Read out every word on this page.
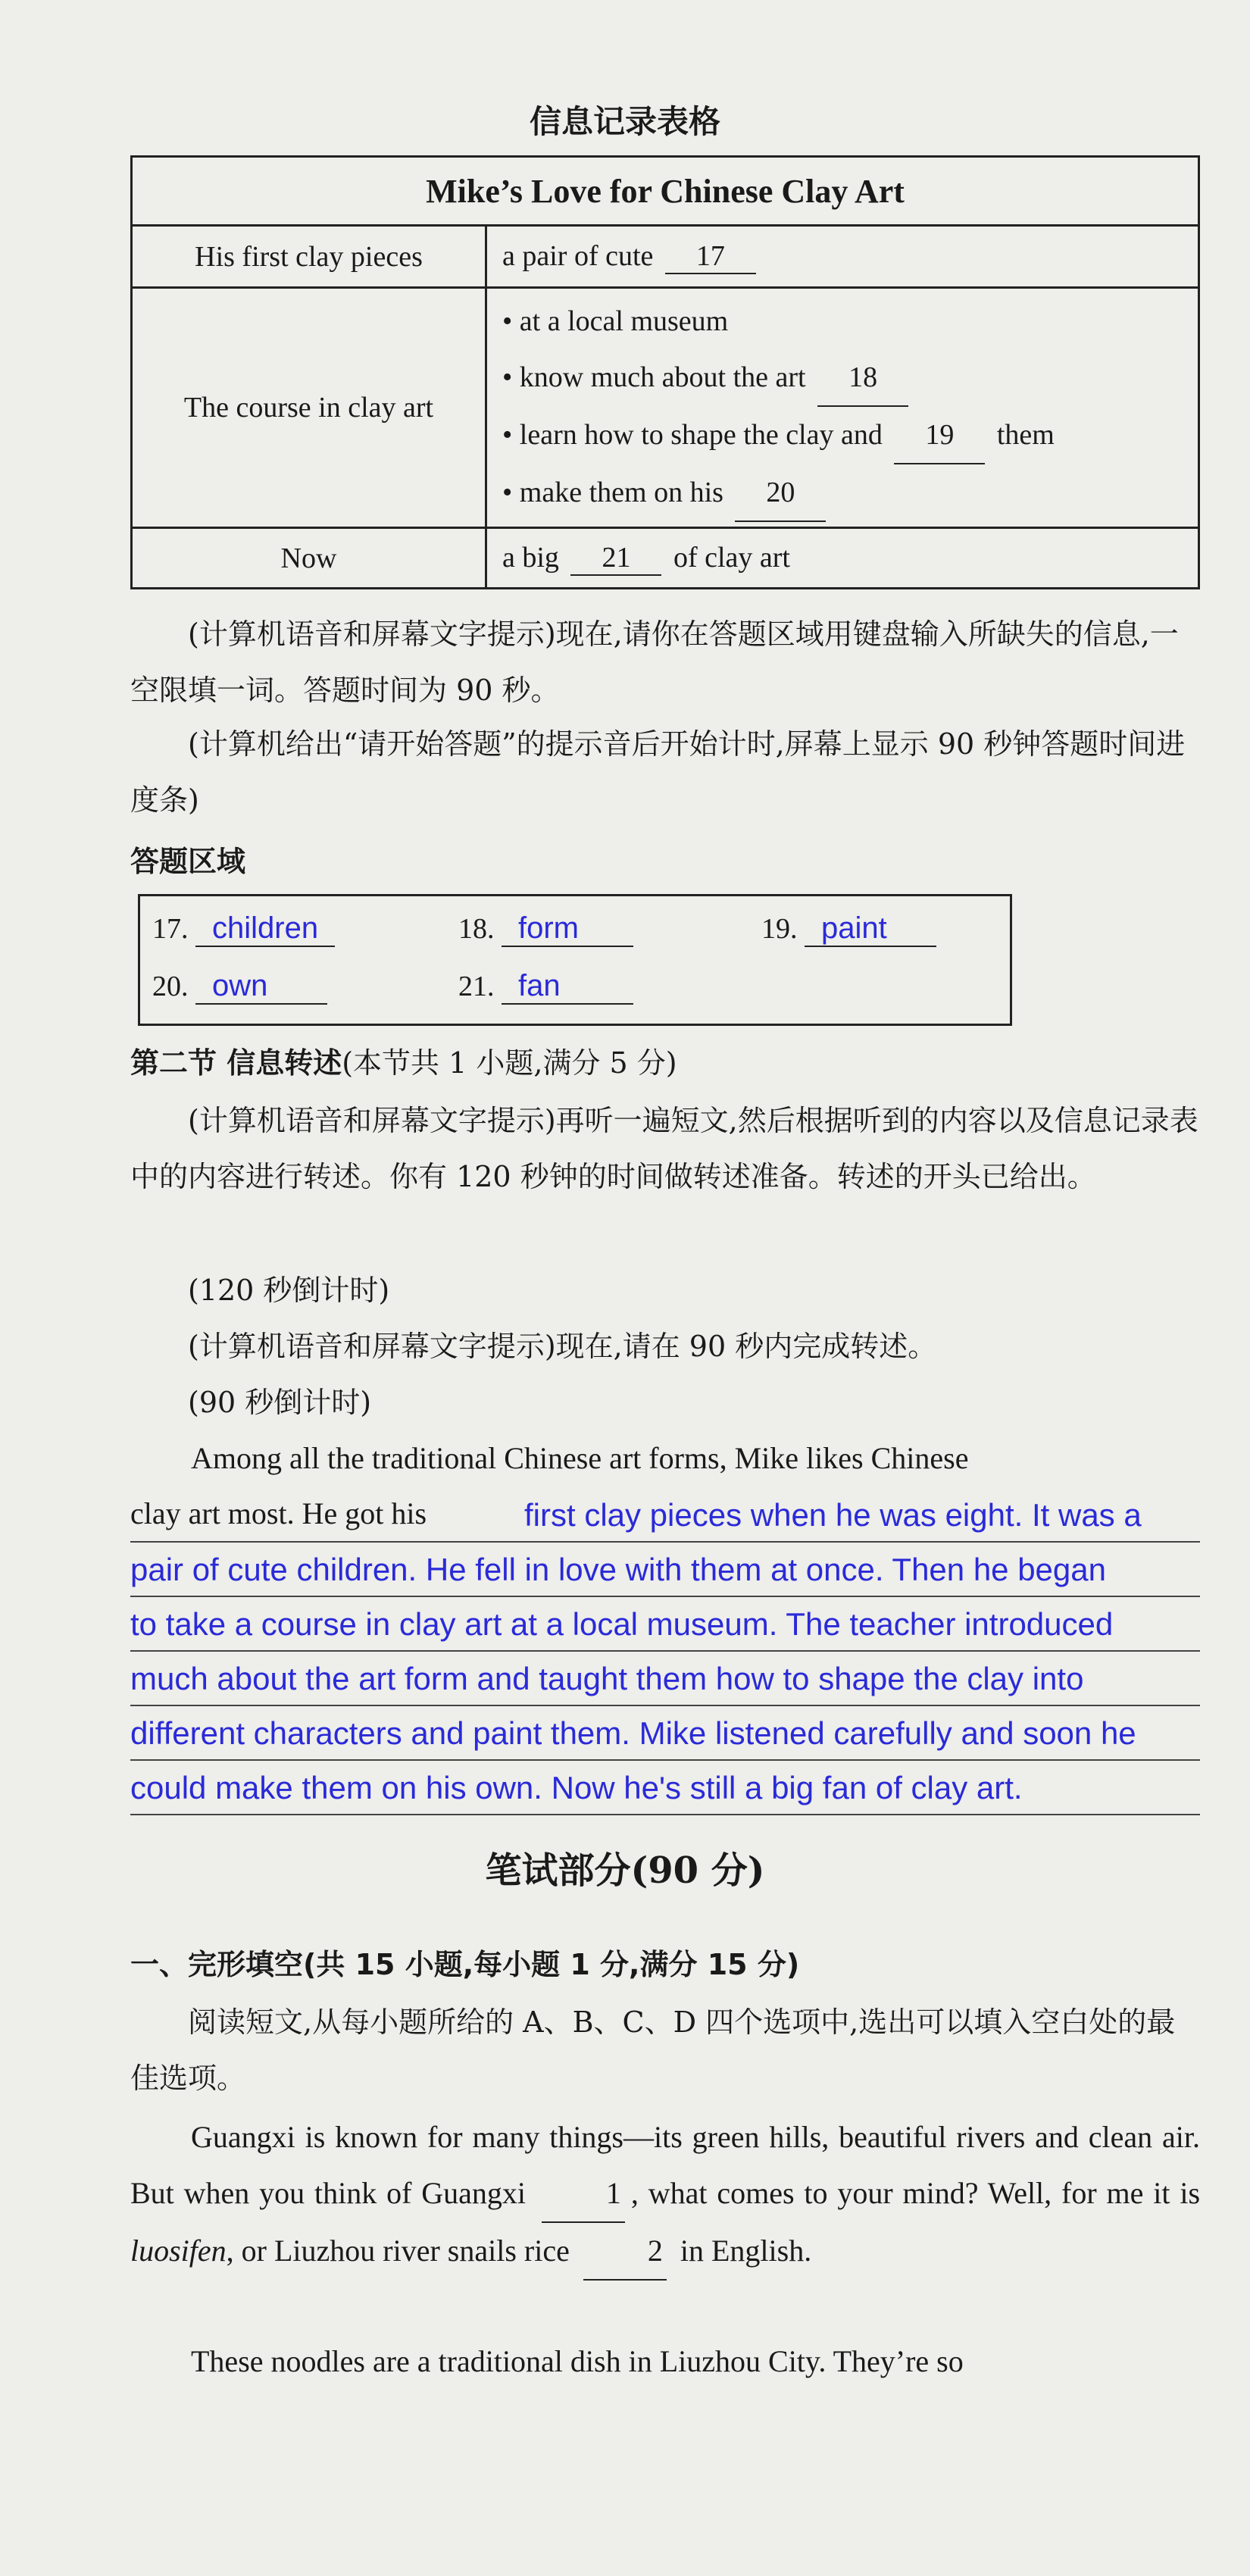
信息记录表格
Mike’s Love for Chinese Clay Art	
His first clay pieces	a pair of cute 17
The course in clay art	• at a local museum
• know much about the art 18
• learn how to shape the clay and 19 them
• make them on his 20

Now	a big 21 of clay art
(计算机语音和屏幕文字提示)现在,请你在答题区域用键盘输入所缺失的信息,一空限填一词。答题时间为 90 秒。
(计算机给出“请开始答题”的提示音后开始计时,屏幕上显示 90 秒钟答题时间进度条)
答题区域
17. children	18. form	19. paint
20. own	21. fan
第二节 信息转述(本节共 1 小题,满分 5 分)
(计算机语音和屏幕文字提示)再听一遍短文,然后根据听到的内容以及信息记录表中的内容进行转述。你有 120 秒钟的时间做转述准备。转述的开头已给出。
(120 秒倒计时)
(计算机语音和屏幕文字提示)现在,请在 90 秒内完成转述。
(90 秒倒计时)
Among all the traditional Chinese art forms, Mike likes Chinese
clay art most. He got his	first clay pieces when he was eight. It was a
pair of cute children. He fell in love with them at once. Then he began
to take a course in clay art at a local museum. The teacher introduced
much about the art form and taught them how to shape the clay into
different characters and paint them. Mike listened carefully and soon he
could make them on his own. Now he's still a big fan of clay art.
笔试部分(90 分)
一、完形填空(共 15 小题,每小题 1 分,满分 15 分)
阅读短文,从每小题所给的 A、B、C、D 四个选项中,选出可以填入空白处的最佳选项。
Guangxi is known for many things—its green hills, beautiful rivers and clean air. But when you think of Guangxi	1 , what comes to your mind? Well, for me it is luosifen, or Liuzhou river snails rice	2 in English.
These noodles are a traditional dish in Liuzhou City. They’re so
